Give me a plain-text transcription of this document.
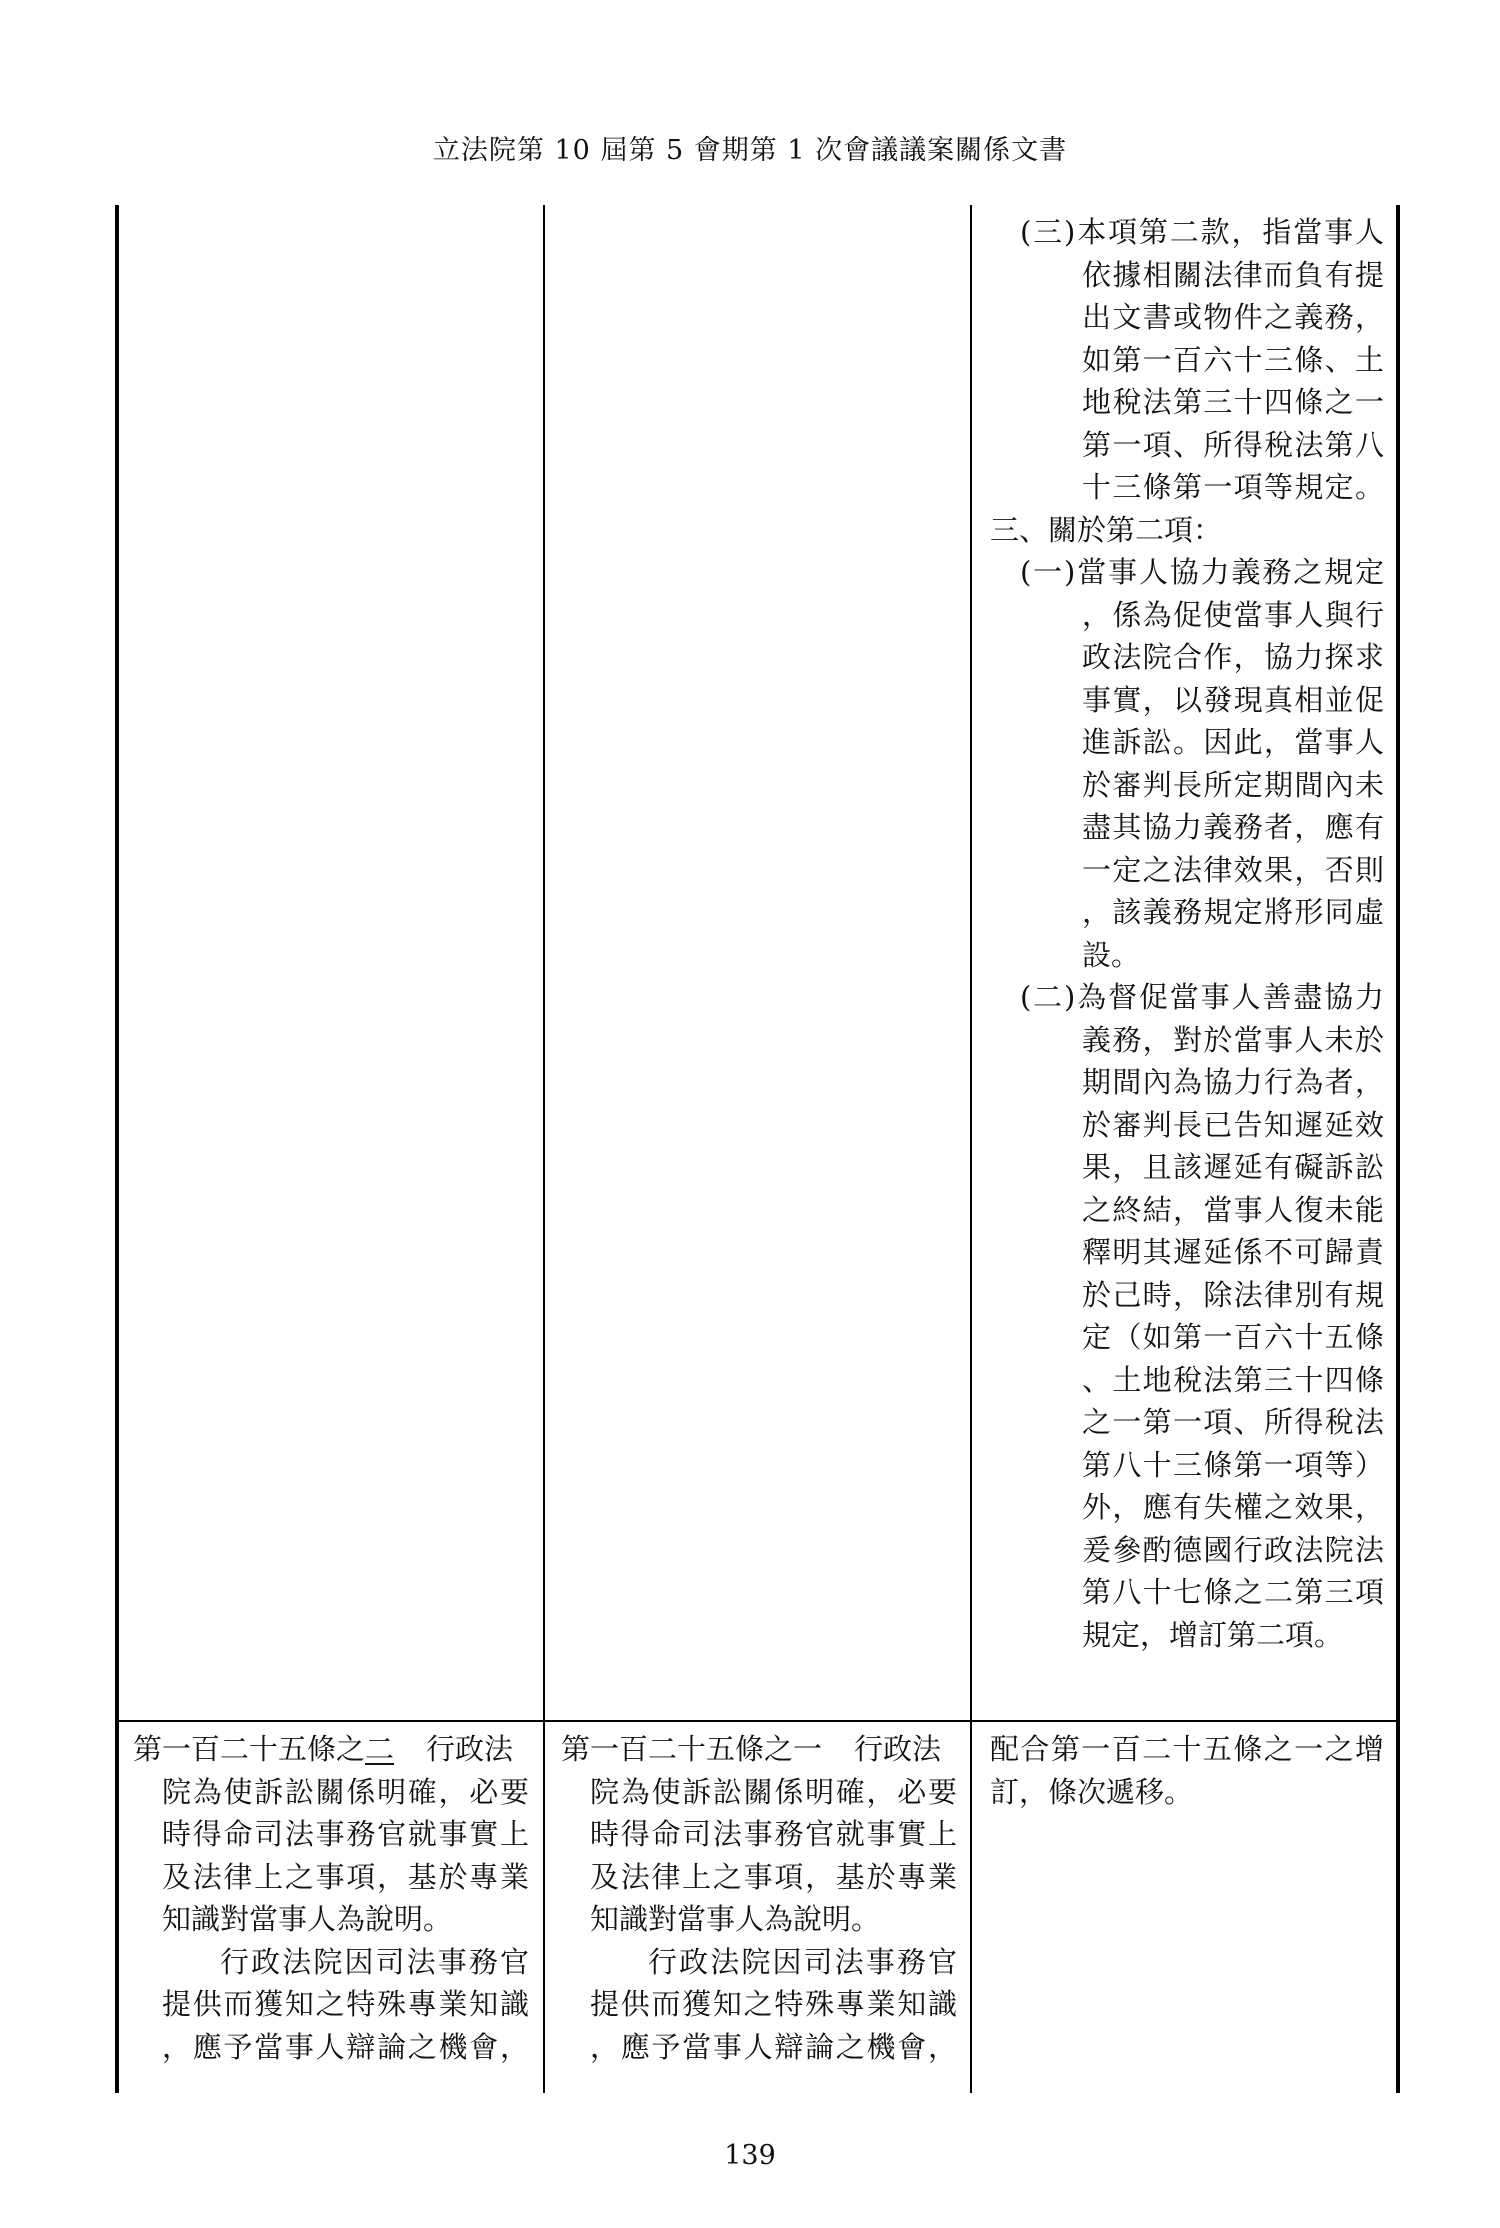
立法院第 10 屆第 5 會期第 1 次會議議案關係文書
(三)本項第二款，指當事人
依據相關法律而負有提
出文書或物件之義務，
如第一百六十三條、土
地稅法第三十四條之一
第一項、所得稅法第八
十三條第一項等規定。
三、關於第二項：
(一)當事人協力義務之規定
，係為促使當事人與行
政法院合作，協力探求
事實，以發現真相並促
進訴訟。因此，當事人
於審判長所定期間內未
盡其協力義務者，應有
一定之法律效果，否則
，該義務規定將形同虛
設。
(二)為督促當事人善盡協力
義務，對於當事人未於
期間內為協力行為者，
於審判長已告知遲延效
果，且該遲延有礙訴訟
之終結，當事人復未能
釋明其遲延係不可歸責
於己時，除法律別有規
定（如第一百六十五條
、土地稅法第三十四條
之一第一項、所得稅法
第八十三條第一項等）
外，應有失權之效果，
爰參酌德國行政法院法
第八十七條之二第三項
規定，增訂第二項。
第一百二十五條之二 行政法
院為使訴訟關係明確，必要
時得命司法事務官就事實上
及法律上之事項，基於專業
知識對當事人為說明。
行政法院因司法事務官
提供而獲知之特殊專業知識
，應予當事人辯論之機會，
第一百二十五條之一 行政法
院為使訴訟關係明確，必要
時得命司法事務官就事實上
及法律上之事項，基於專業
知識對當事人為說明。
行政法院因司法事務官
提供而獲知之特殊專業知識
，應予當事人辯論之機會，
配合第一百二十五條之一之增
訂，條次遞移。
139
